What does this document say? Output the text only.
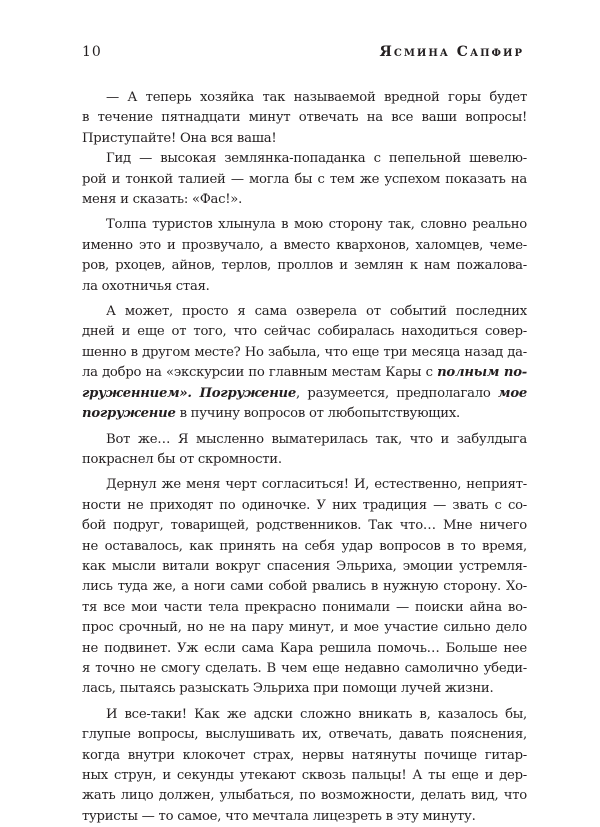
10	Ясмина Сапфир
— А теперь хозяйка так называемой вредной горы будет
в течение пятнадцати минут отвечать на все ваши вопросы!
Приступайте! Она вся ваша!
Гид — высокая землянка-попаданка с пепельной шевелю-
рой и тонкой талией — могла бы с тем же успехом показать на
меня и сказать: «Фас!».
Толпа туристов хлынула в мою сторону так, словно реально
именно это и прозвучало, а вместо квархонов, халомцев, чеме-
ров, рхоцев, айнов, терлов, проллов и землян к нам пожалова-
ла охотничья стая.
А может, просто я сама озверела от событий последних
дней и еще от того, что сейчас собиралась находиться совер-
шенно в другом месте? Но забыла, что еще три месяца назад да-
ла добро на «экскурсии по главным местам Кары с полным по-
груженнием». Погружение, разумеется, предполагало мое
погружение в пучину вопросов от любопытствующих.
Вот же… Я мысленно выматерилась так, что и забулдыга
покраснел бы от скромности.
Дернул же меня черт согласиться! И, естественно, неприят-
ности не приходят по одиночке. У них традиция — звать с со-
бой подруг, товарищей, родственников. Так что… Мне ничего
не оставалось, как принять на себя удар вопросов в то время,
как мысли витали вокруг спасения Эльриха, эмоции устремля-
лись туда же, а ноги сами собой рвались в нужную сторону. Хо-
тя все мои части тела прекрасно понимали — поиски айна во-
прос срочный, но не на пару минут, и мое участие сильно дело
не подвинет. Уж если сама Кара решила помочь… Больше нее
я точно не смогу сделать. В чем еще недавно самолично убеди-
лась, пытаясь разыскать Эльриха при помощи лучей жизни.
И все-таки! Как же адски сложно вникать в, казалось бы,
глупые вопросы, выслушивать их, отвечать, давать пояснения,
когда внутри клокочет страх, нервы натянуты почище гитар-
ных струн, и секунды утекают сквозь пальцы! А ты еще и дер-
жать лицо должен, улыбаться, по возможности, делать вид, что
туристы — то самое, что мечтала лицезреть в эту минуту.
